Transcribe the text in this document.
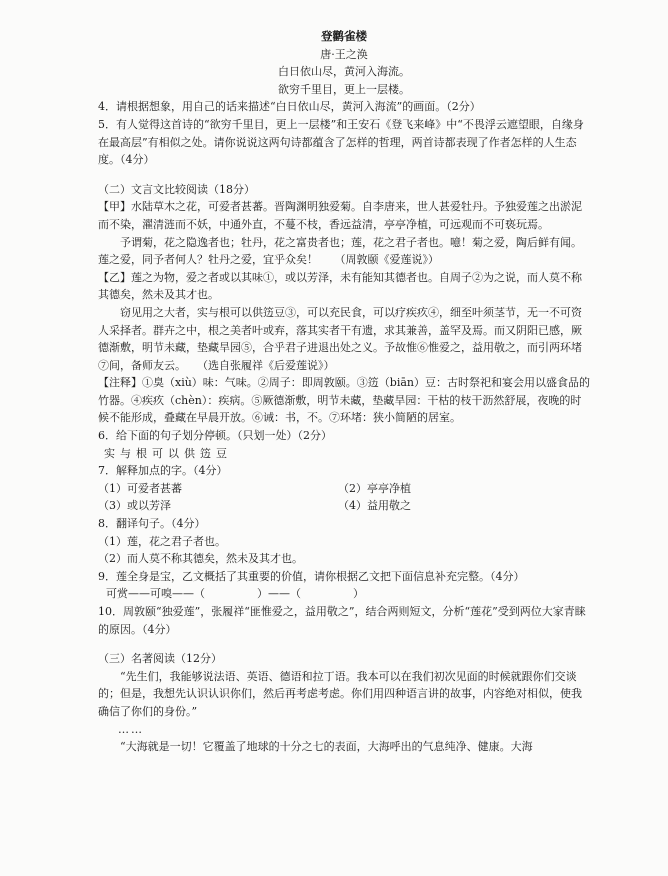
登鹳雀楼
唐·王之涣
白日依山尽，黄河入海流。
欲穷千里目，更上一层楼。

4．请根据想象，用自己的话来描述“白日依山尽，黄河入海流”的画面。（2分）

5．有人觉得这首诗的“欲穷千里目，更上一层楼”和王安石《登飞来峰》中“不畏浮云遮望眼，自缘身在最高层”有相似之处。请你说说这两句诗都蕴含了怎样的哲理，两首诗都表现了作者怎样的人生态度。（4分）

（二）文言文比较阅读（18分）

【甲】水陆草木之花，可爱者甚蕃。晋陶渊明独爱菊。自李唐来，世人甚爱牡丹。予独爱莲之出淤泥而不染，濯清涟而不妖，中通外直，不蔓不枝，香远益清，亭亭净植，可远观而不可亵玩焉。

予谓菊，花之隐逸者也；牡丹，花之富贵者也；莲，花之君子者也。噫！菊之爱，陶后鲜有闻。莲之爱，同予者何人？牡丹之爱，宜乎众矣！　　（周敦颐《爱莲说》）

【乙】莲之为物，爱之者或以其味①，或以芳泽，未有能知其德者也。自周子②为之说，而人莫不称其德矣，然未及其才也。

窃见用之大者，实与根可以供笾豆③，可以充民食，可以疗疾疚④，细至叶须茎节，无一不可资人采择者。群卉之中，根之美者叶或弃，落其实者干有遗，求其兼善，盖罕及焉。而又阴阳已感，厥德渐敷，明节未藏，垫藏旱园⑤，合乎君子进退出处之义。予故惟⑥惟爱之，益用敬之，而引两环堵⑦间，备师友云。　　（选自张履祥《后爱莲说》）

【注释】①臭（xiù）味：气味。②周子：即周敦颐。③笾（biān）豆：古时祭祀和宴会用以盛食品的竹器。④疾疚（chèn）：疾病。⑤厥德渐敷，明节未藏，垫藏旱园：干枯的枝干沥然舒展，夜晚的时候不能形成，叠藏在早晨开放。⑥诫：书，不。⑦环堵：狭小简陋的居室。

6．给下面的句子划分停顿。（只划一处）（2分）

实与根可以供笾豆

7．解释加点的字。（4分）

（1）可爱者甚蕃	（2）亭亭净植
（3）或以芳泽	（4）益用敬之

8．翻译句子。（4分）

（1）莲，花之君子者也。

（2）而人莫不称其德矣，然未及其才也。

9．莲全身是宝，乙文概括了其重要的价值，请你根据乙文把下面信息补充完整。（4分）

可赏——可嗅——（	）——（	）

10．周敦颐“独爱莲”，张履祥“匪惟爱之，益用敬之”，结合两则短文，分析“莲花”受到两位大家青睐的原因。（4分）

（三）名著阅读（12分）

“先生们，我能够说法语、英语、德语和拉丁语。我本可以在我们初次见面的时候就跟你们交谈的；但是，我想先认识认识你们，然后再考虑考虑。你们用四种语言讲的故事，内容绝对相似，使我确信了你们的身份。”

……

“大海就是一切！它覆盖了地球的十分之七的表面，大海呼出的气息纯净、健康。大海
